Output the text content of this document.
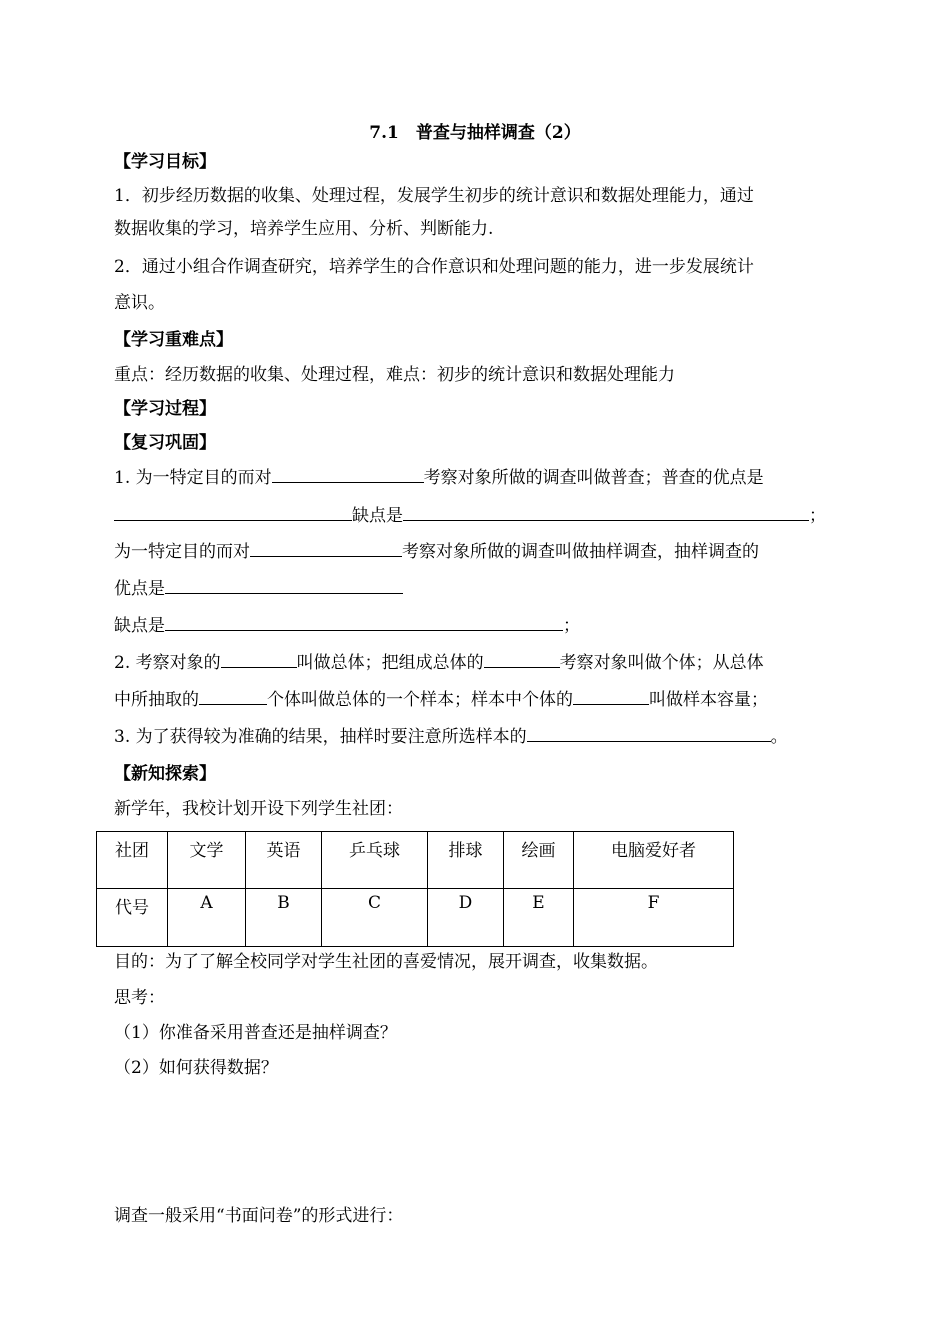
7.1　普查与抽样调查（2）
【学习目标】
1．初步经历数据的收集、处理过程，发展学生初步的统计意识和数据处理能力，通过
数据收集的学习，培养学生应用、分析、判断能力.
2．通过小组合作调查研究，培养学生的合作意识和处理问题的能力，进一步发展统计
意识。
【学习重难点】
重点：经历数据的收集、处理过程，难点：初步的统计意识和数据处理能力
【学习过程】
【复习巩固】
1. 为一特定目的而对	考察对象所做的调查叫做普查；普查的优点是
缺点是	；
为一特定目的而对	考察对象所做的调查叫做抽样调查，抽样调查的
优点是
缺点是	；
2. 考察对象的	叫做总体；把组成总体的	考察对象叫做个体；从总体
中所抽取的	个体叫做总体的一个样本；样本中个体的	叫做样本容量；
3. 为了获得较为准确的结果，抽样时要注意所选样本的	。
【新知探索】
新学年，我校计划开设下列学生社团：
社团	文学	英语	乒乓球	排球	绘画	电脑爱好者
代号	A	B	C	D	E	F
目的：为了了解全校同学对学生社团的喜爱情况，展开调查，收集数据。
思考：
（1）你准备采用普查还是抽样调查？
（2）如何获得数据？
调查一般采用“书面问卷”的形式进行：
